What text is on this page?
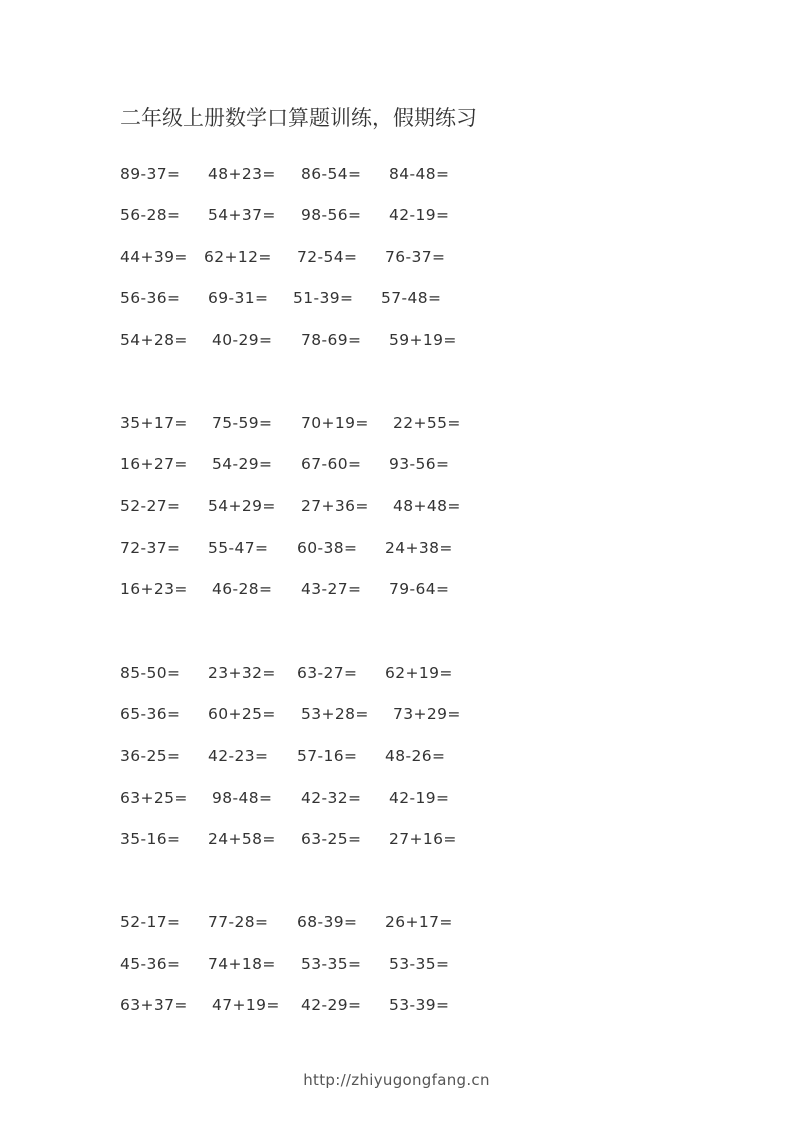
二年级上册数学口算题训练，假期练习
89-37= 48+23= 86-54= 84-48=
56-28= 54+37= 98-56= 42-19=
44+39= 62+12= 72-54= 76-37=
56-36= 69-31= 51-39= 57-48=
54+28= 40-29= 78-69= 59+19=
35+17= 75-59= 70+19= 22+55=
16+27= 54-29= 67-60= 93-56=
52-27= 54+29= 27+36= 48+48=
72-37= 55-47= 60-38= 24+38=
16+23= 46-28= 43-27= 79-64=
85-50= 23+32= 63-27= 62+19=
65-36= 60+25= 53+28= 73+29=
36-25= 42-23= 57-16= 48-26=
63+25= 98-48= 42-32= 42-19=
35-16= 24+58= 63-25= 27+16=
52-17= 77-28= 68-39= 26+17=
45-36= 74+18= 53-35= 53-35=
63+37= 47+19= 42-29= 53-39=
http://zhiyugongfang.cn
